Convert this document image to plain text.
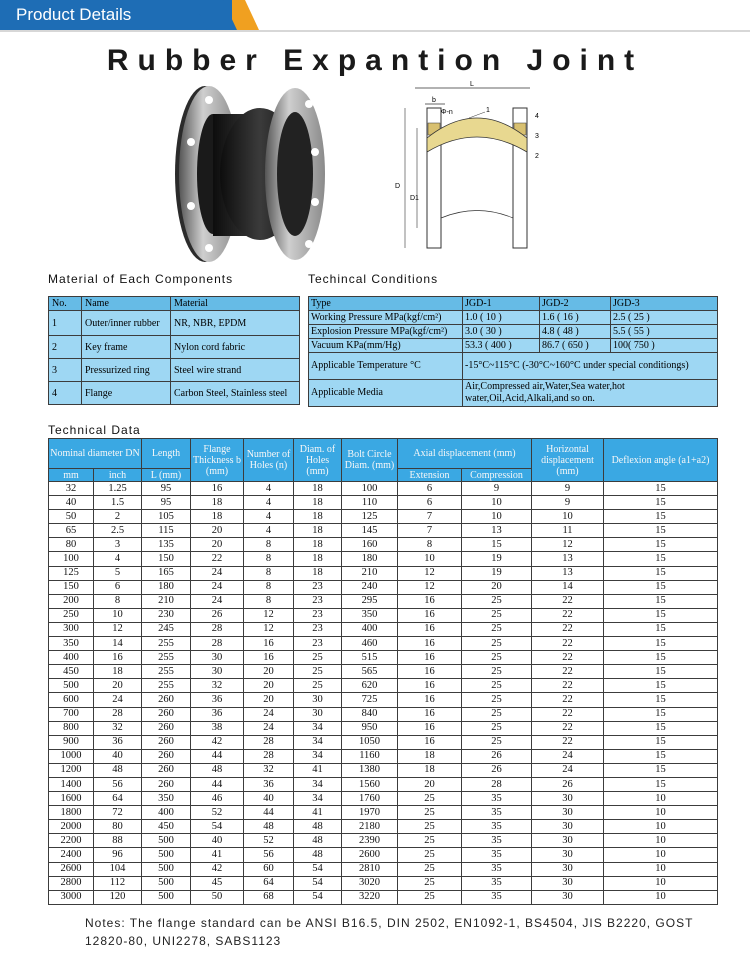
Product Details
Rubber Expantion Joint
L
b
Φ-n
D
D1
1
4
3
2
Material of Each Components	Techincal Conditions
No.	Name	Material
1	Outer/inner rubber	NR, NBR, EPDM
2	Key frame	Nylon cord fabric
3	Pressurized ring	Steel wire strand
4	Flange	Carbon Steel, Stainless steel
Type	JGD-1	JGD-2	JGD-3
Working Pressure MPa(kgf/cm²)	1.0 ( 10 )	1.6 ( 16 )	2.5 ( 25 )
Explosion Pressure MPa(kgf/cm²)	3.0 ( 30 )	4.8 ( 48 )	5.5 ( 55 )
Vacuum KPa(mm/Hg)	53.3 ( 400 )	86.7 ( 650 )	100( 750 )
Applicable Temperature °C	-15°C~115°C (-30°C~160°C under special conditiongs)		
Applicable Media	Air,Compressed air,Water,Sea water,hot water,Oil,Acid,Alkali,and so on.		
Technical Data
Nominal diameter DN		Length	Flange Thickness b (mm)	Number of Holes (n)	Diam. of Holes (mm)	Bolt Circle Diam. (mm)	Axial displacement (mm)		Horizontal displacement (mm)	Deflexion angle (a1+a2)
mm	inch	L (mm)					Extension	Compression		
32	1.25	95	16	4	18	100	6	9	9	15
40	1.5	95	18	4	18	110	6	10	9	15
50	2	105	18	4	18	125	7	10	10	15
65	2.5	115	20	4	18	145	7	13	11	15
80	3	135	20	8	18	160	8	15	12	15
100	4	150	22	8	18	180	10	19	13	15
125	5	165	24	8	18	210	12	19	13	15
150	6	180	24	8	23	240	12	20	14	15
200	8	210	24	8	23	295	16	25	22	15
250	10	230	26	12	23	350	16	25	22	15
300	12	245	28	12	23	400	16	25	22	15
350	14	255	28	16	23	460	16	25	22	15
400	16	255	30	16	25	515	16	25	22	15
450	18	255	30	20	25	565	16	25	22	15
500	20	255	32	20	25	620	16	25	22	15
600	24	260	36	20	30	725	16	25	22	15
700	28	260	36	24	30	840	16	25	22	15
800	32	260	38	24	34	950	16	25	22	15
900	36	260	42	28	34	1050	16	25	22	15
1000	40	260	44	28	34	1160	18	26	24	15
1200	48	260	48	32	41	1380	18	26	24	15
1400	56	260	44	36	34	1560	20	28	26	15
1600	64	350	46	40	34	1760	25	35	30	10
1800	72	400	52	44	41	1970	25	35	30	10
2000	80	450	54	48	48	2180	25	35	30	10
2200	88	500	40	52	48	2390	25	35	30	10
2400	96	500	41	56	48	2600	25	35	30	10
2600	104	500	42	60	54	2810	25	35	30	10
2800	112	500	45	64	54	3020	25	35	30	10
3000	120	500	50	68	54	3220	25	35	30	10
Notes: The flange standard can be ANSI B16.5, DIN 2502, EN1092-1, BS4504, JIS B2220, GOST 12820-80, UNI2278, SABS1123
